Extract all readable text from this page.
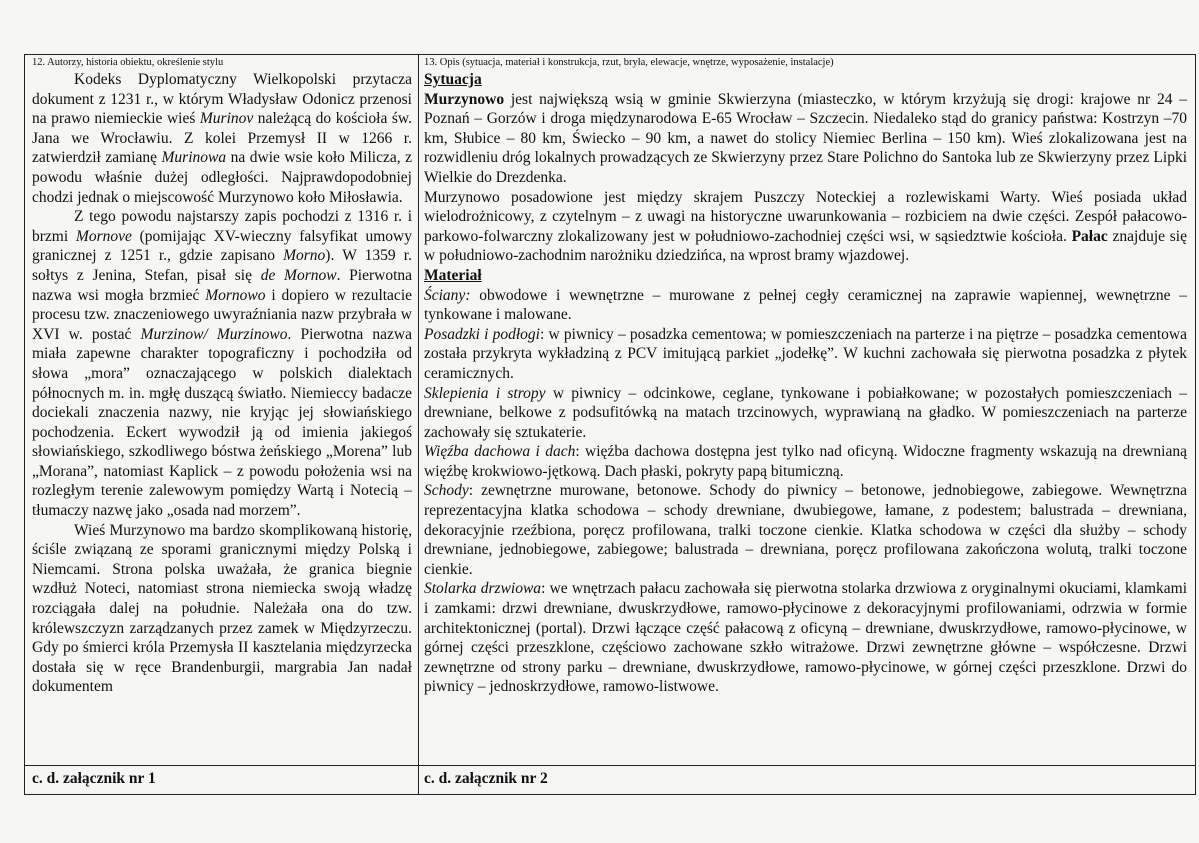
12. Autorzy, historia obiektu, określenie stylu

Kodeks Dyplomatyczny Wielkopolski przytacza dokument z 1231 r., w którym Władysław Odonicz przenosi na prawo niemieckie wieś Murinov należącą do kościoła św. Jana we Wrocławiu. Z kolei Przemysł II w 1266 r. zatwierdził zamianę Murinowa na dwie wsie koło Milicza, z powodu właśnie dużej odległości. Najprawdopodobniej chodzi jednak o miejscowość Murzynowo koło Miłosławia.

Z tego powodu najstarszy zapis pochodzi z 1316 r. i brzmi Mornove (pomijając XV-wieczny falsyfikat umowy granicznej z 1251 r., gdzie zapisano Morno). W 1359 r. sołtys z Jenina, Stefan, pisał się de Mornow. Pierwotna nazwa wsi mogła brzmieć Mornowo i dopiero w rezultacie procesu tzw. znaczeniowego uwyraźniania nazw przybrała w XVI w. postać Murzinow/ Murzinowo. Pierwotna nazwa miała zapewne charakter topograficzny i pochodziła od słowa „mora” oznaczającego w polskich dialektach północnych m. in. mgłę duszącą światło. Niemieccy badacze dociekali znaczenia nazwy, nie kryjąc jej słowiańskiego pochodzenia. Eckert wywodził ją od imienia jakiegoś słowiańskiego, szkodliwego bóstwa żeńskiego „Morena” lub „Morana”, natomiast Kaplick – z powodu położenia wsi na rozległym terenie zalewowym pomiędzy Wartą i Notecią – tłumaczy nazwę jako „osada nad morzem”.

Wieś Murzynowo ma bardzo skomplikowaną historię, ściśle związaną ze sporami granicznymi między Polską i Niemcami. Strona polska uważała, że granica biegnie wzdłuż Noteci, natomiast strona niemiecka swoją władzę rozciągała dalej na południe. Należała ona do tzw. królewszczyzn zarządzanych przez zamek w Międzyrzeczu. Gdy po śmierci króla Przemysła II kasztelania międzyrzecka dostała się w ręce Brandenburgii, margrabia Jan nadał dokumentem

c. d. załącznik nr 1
13. Opis (sytuacja, materiał i konstrukcja, rzut, bryła, elewacje, wnętrze, wyposażenie, instalacje)

Sytuacja

Murzynowo jest największą wsią w gminie Skwierzyna (miasteczko, w którym krzyżują się drogi: krajowe nr 24 – Poznań – Gorzów i droga międzynarodowa E-65 Wrocław – Szczecin. Niedaleko stąd do granicy państwa: Kostrzyn –70 km, Słubice – 80 km, Świecko – 90 km, a nawet do stolicy Niemiec Berlina – 150 km). Wieś zlokalizowana jest na rozwidleniu dróg lokalnych prowadzących ze Skwierzyny przez Stare Polichno do Santoka lub ze Skwierzyny przez Lipki Wielkie do Drezdenka.

Murzynowo posadowione jest między skrajem Puszczy Noteckiej a rozlewiskami Warty. Wieś posiada układ wielodrożnicowy, z czytelnym – z uwagi na historyczne uwarunkowania – rozbiciem na dwie części. Zespół pałacowo-parkowo-folwarczny zlokalizowany jest w południowo-zachodniej części wsi, w sąsiedztwie kościoła. Pałac znajduje się w południowo-zachodnim narożniku dziedzińca, na wprost bramy wjazdowej.

Materiał

Ściany: obwodowe i wewnętrzne – murowane z pełnej cegły ceramicznej na zaprawie wapiennej, wewnętrzne – tynkowane i malowane.

Posadzki i podłogi: w piwnicy – posadzka cementowa; w pomieszczeniach na parterze i na piętrze – posadzka cementowa została przykryta wykładziną z PCV imitującą parkiet „jodełkę”. W kuchni zachowała się pierwotna posadzka z płytek ceramicznych.

Sklepienia i stropy w piwnicy – odcinkowe, ceglane, tynkowane i pobiałkowane; w pozostałych pomieszczeniach – drewniane, belkowe z podsufitówką na matach trzcinowych, wyprawianą na gładko. W pomieszczeniach na parterze zachowały się sztukaterie.

Więźba dachowa i dach: więźba dachowa dostępna jest tylko nad oficyną. Widoczne fragmenty wskazują na drewnianą więźbę krokwiowo-jętkową. Dach płaski, pokryty papą bitumiczną.

Schody: zewnętrzne murowane, betonowe. Schody do piwnicy – betonowe, jednobiegowe, zabiegowe. Wewnętrzna reprezentacyjna klatka schodowa – schody drewniane, dwubiegowe, łamane, z podestem; balustrada – drewniana, dekoracyjnie rzeźbiona, poręcz profilowana, tralki toczone cienkie. Klatka schodowa w części dla służby – schody drewniane, jednobiegowe, zabiegowe; balustrada – drewniana, poręcz profilowana zakończona wolutą, tralki toczone cienkie.

Stolarka drzwiowa: we wnętrzach pałacu zachowała się pierwotna stolarka drzwiowa z oryginalnymi okuciami, klamkami i zamkami: drzwi drewniane, dwuskrzydłowe, ramowo-płycinowe z dekoracyjnymi profilowaniami, odrzwia w formie architektonicznej (portal). Drzwi łączące część pałacową z oficyną – drewniane, dwuskrzydłowe, ramowo-płycinowe, w górnej części przeszklone, częściowo zachowane szkło witrażowe. Drzwi zewnętrzne główne – współczesne. Drzwi zewnętrzne od strony parku – drewniane, dwuskrzydłowe, ramowo-płycinowe, w górnej części przeszklone. Drzwi do piwnicy – jednoskrzydłowe, ramowo-listwowe.

c. d. załącznik nr 2
